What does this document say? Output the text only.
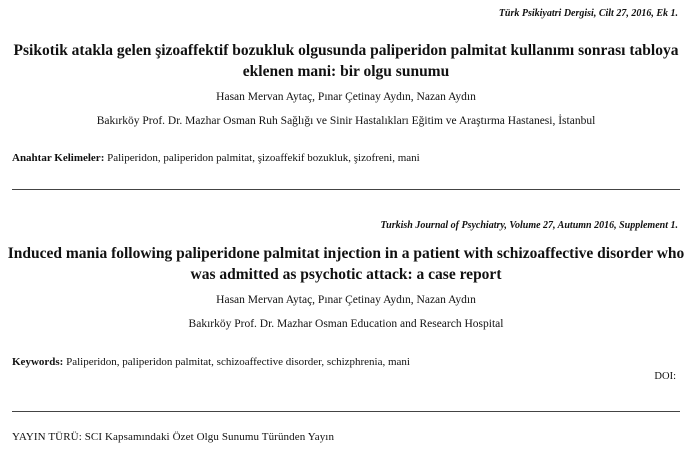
Türk Psikiyatri Dergisi, Cilt 27, 2016, Ek 1.
Psikotik atakla gelen şizoaffektif bozukluk olgusunda paliperidon palmitat kullanımı sonrası tabloya
eklenen mani: bir olgu sunumu
Hasan Mervan Aytaç, Pınar Çetinay Aydın, Nazan Aydın
Bakırköy Prof. Dr. Mazhar Osman Ruh Sağlığı ve Sinir Hastalıkları Eğitim ve Araştırma Hastanesi, İstanbul
Anahtar Kelimeler: Paliperidon, paliperidon palmitat, şizoaffekif bozukluk, şizofreni, mani
Turkish Journal of Psychiatry, Volume 27, Autumn 2016, Supplement 1.
Induced mania following paliperidone palmitat injection in a patient with schizoaffective disorder who
was admitted as psychotic attack: a case report
Hasan Mervan Aytaç, Pınar Çetinay Aydın, Nazan Aydın
Bakırköy Prof. Dr. Mazhar Osman Education and Research Hospital
Keywords: Paliperidon, paliperidon palmitat, schizoaffective disorder, schizphrenia, mani
DOI:
YAYIN TÜRÜ: SCI Kapsamındaki Özet Olgu Sunumu Türünden Yayın
